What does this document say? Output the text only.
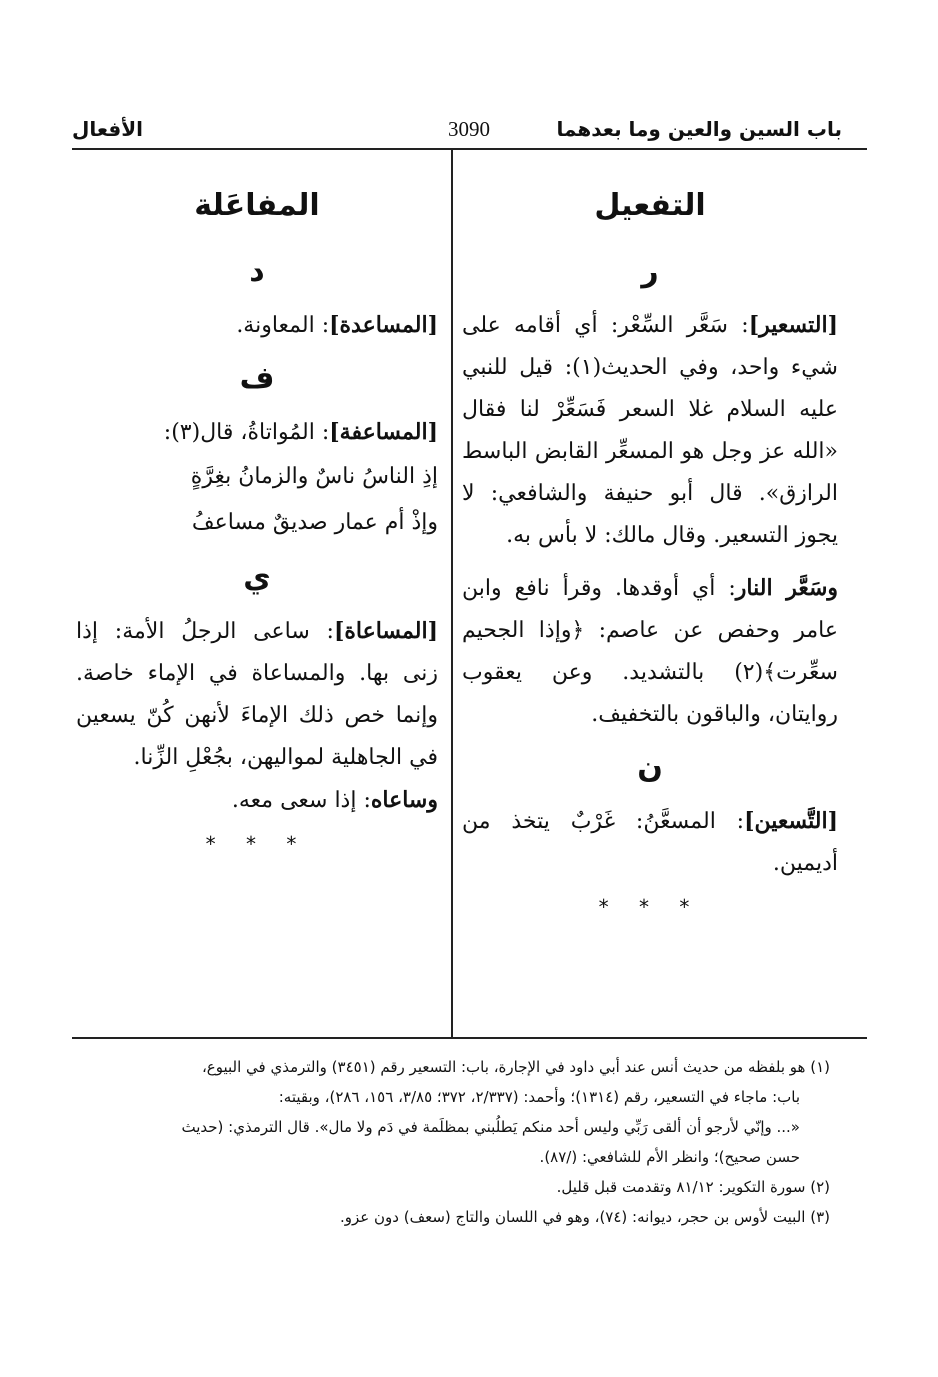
باب السين والعين وما بعدهما
3090
الأفعال
التفعيل
ر

[التسعير]: سَعَّر السِّعْر: أي أقامه على شيء واحد، وفي الحديث(١): قيل للنبي عليه السلام غلا السعر فَسَعِّرْ لنا فقال «الله عز وجل هو المسعِّر القابض الباسط الرازق». قال أبو حنيفة والشافعي: لا يجوز التسعير. وقال مالك: لا بأس به.

وسَعَّر النار: أي أوقدها. وقرأ نافع وابن عامر وحفص عن عاصم: ﴿وإذا الجحيم سعِّرت﴾(٢) بالتشديد. وعن يعقوب روايتان، والباقون بالتخفيف.

ن

[التَّسعين]: المسعَّنُ: غَرْبٌ يتخذ من أديمين.

* * *
المفاعَلة
د

[المساعدة]: المعاونة.

ف

[المساعفة]: المُواتاةُ، قال(٣):

إذِ الناسُ ناسٌ والزمانُ بغِرَّةٍ

وإذْ أم عمار صديقٌ مساعفُ

ي

[المساعاة]: ساعى الرجلُ الأمة: إذا زنى بها. والمساعاة في الإماء خاصة. وإنما خص ذلك الإماءَ لأنهن كُنّ يسعين في الجاهلية لمواليهن، بجُعْلِ الزِّنا.

وساعاه: إذا سعى معه.

* * *

(١) هو بلفظه من حديث أنس عند أبي داود في الإجارة، باب: التسعير رقم (٣٤٥١) والترمذي في البيوع،

باب: ماجاء في التسعير، رقم (١٣١٤)؛ وأحمد: (٢/٣٣٧، ٣٧٢؛ ٣/٨٥، ١٥٦، ٢٨٦)، وبقيته:

«... وإنّي لأرجو أن ألقى رَبِّي وليس أحد منكم يَطلُبني بمظلَمة في دَم ولا مال». قال الترمذي: (حديث

حسن صحيح)؛ وانظر الأم للشافعي: (/٨٧).

(٢) سورة التكوير: ٨١/١٢ وتقدمت قبل قليل.

(٣) البيت لأوس بن حجر، ديوانه: (٧٤)، وهو في اللسان والتاج (سعف) دون عزو.
